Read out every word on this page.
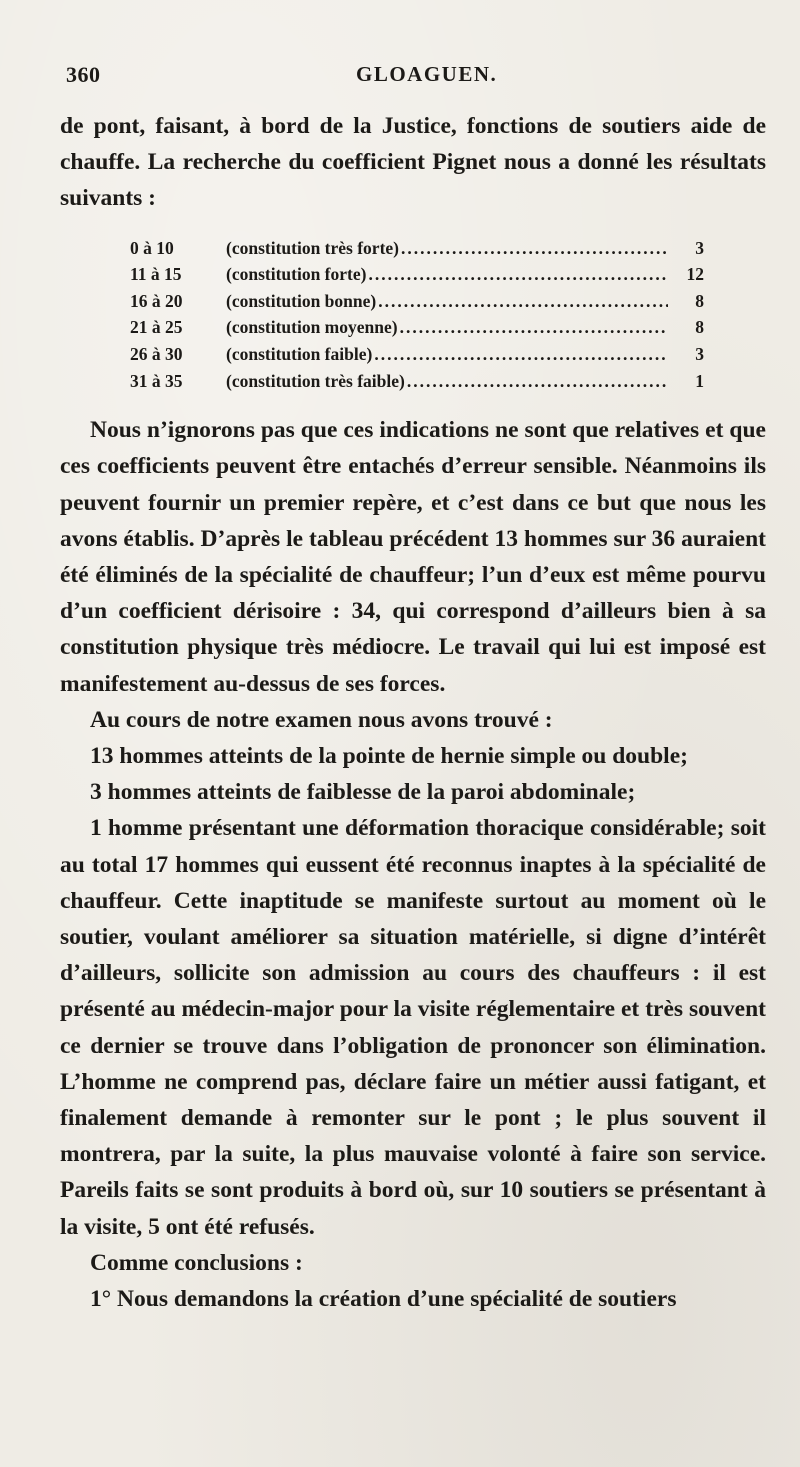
360	GLOAGUEN.

de pont, faisant, à bord de la Justice, fonctions de soutiers aide de chauffe. La recherche du coefficient Pignet nous a donné les résultats suivants :

0 à 10	(constitution très forte) .....	3
11 à 15	(constitution forte) .....	12
16 à 20	(constitution bonne) .....	8
21 à 25	(constitution moyenne) .....	8
26 à 30	(constitution faible) .....	3
31 à 35	(constitution très faible) .....	1

Nous n’ignorons pas que ces indications ne sont que relatives et que ces coefficients peuvent être entachés d’erreur sensible. Néanmoins ils peuvent fournir un premier repère, et c’est dans ce but que nous les avons établis. D’après le tableau précédent 13 hommes sur 36 auraient été éliminés de la spécialité de chauffeur; l’un d’eux est même pourvu d’un coefficient dérisoire : 34, qui correspond d’ailleurs bien à sa constitution physique très médiocre. Le travail qui lui est imposé est manifestement au-dessus de ses forces.

Au cours de notre examen nous avons trouvé :

13 hommes atteints de la pointe de hernie simple ou double;

3 hommes atteints de faiblesse de la paroi abdominale;

1 homme présentant une déformation thoracique considérable; soit au total 17 hommes qui eussent été reconnus inaptes à la spécialité de chauffeur. Cette inaptitude se manifeste surtout au moment où le soutier, voulant améliorer sa situation matérielle, si digne d’intérêt d’ailleurs, sollicite son admission au cours des chauffeurs : il est présenté au médecin-major pour la visite réglementaire et très souvent ce dernier se trouve dans l’obligation de prononcer son élimination. L’homme ne comprend pas, déclare faire un métier aussi fatigant, et finalement demande à remonter sur le pont ; le plus souvent il montrera, par la suite, la plus mauvaise volonté à faire son service. Pareils faits se sont produits à bord où, sur 10 soutiers se présentant à la visite, 5 ont été refusés.

Comme conclusions :

1° Nous demandons la création d’une spécialité de soutiers
